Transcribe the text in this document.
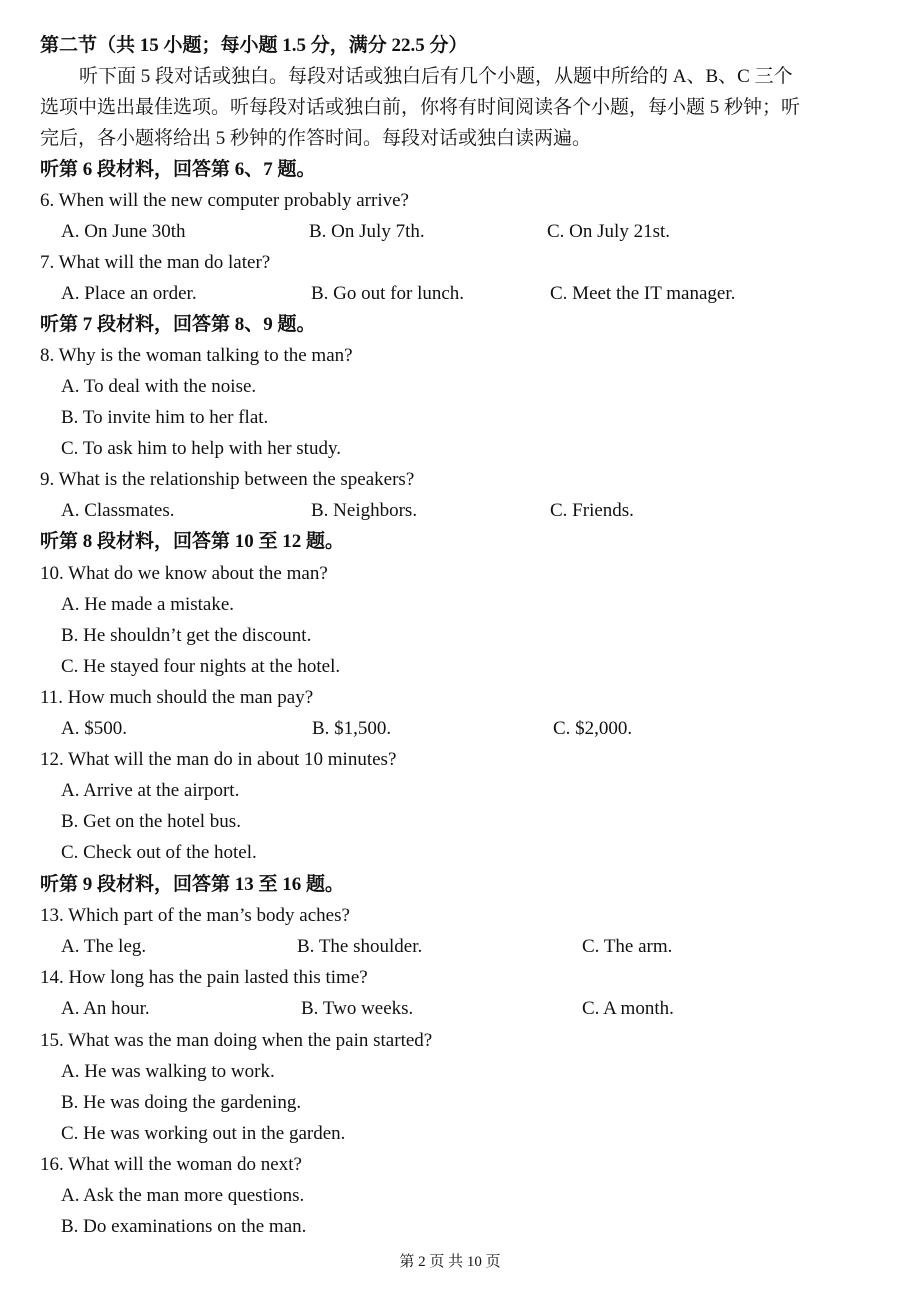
第二节（共 15 小题；每小题 1.5 分，满分 22.5 分）
听下面 5 段对话或独白。每段对话或独白后有几个小题，从题中所给的 A、B、C 三个
选项中选出最佳选项。听每段对话或独白前，你将有时间阅读各个小题，每小题 5 秒钟；听
完后，各小题将给出 5 秒钟的作答时间。每段对话或独白读两遍。
听第 6 段材料，回答第 6、7 题。
6. When will the new computer probably arrive?
A. On June 30th	B. On July 7th.	C. On July 21st.
7. What will the man do later?
A. Place an order.	B. Go out for lunch.	C. Meet the IT manager.
听第 7 段材料，回答第 8、9 题。
8. Why is the woman talking to the man?
A. To deal with the noise.
B. To invite him to her flat.
C. To ask him to help with her study.
9. What is the relationship between the speakers?
A. Classmates.	B. Neighbors.	C. Friends.
听第 8 段材料，回答第 10 至 12 题。
10. What do we know about the man?
A. He made a mistake.
B. He shouldn’t get the discount.
C. He stayed four nights at the hotel.
11. How much should the man pay?
A. $500.	B. $1,500.	C. $2,000.
12. What will the man do in about 10 minutes?
A. Arrive at the airport.
B. Get on the hotel bus.
C. Check out of the hotel.
听第 9 段材料，回答第 13 至 16 题。
13. Which part of the man’s body aches?
A. The leg.	B. The shoulder.	C. The arm.
14. How long has the pain lasted this time?
A. An hour.	B. Two weeks.	C. A month.
15. What was the man doing when the pain started?
A. He was walking to work.
B. He was doing the gardening.
C. He was working out in the garden.
16. What will the woman do next?
A. Ask the man more questions.
B. Do examinations on the man.
第 2 页 共 10 页
